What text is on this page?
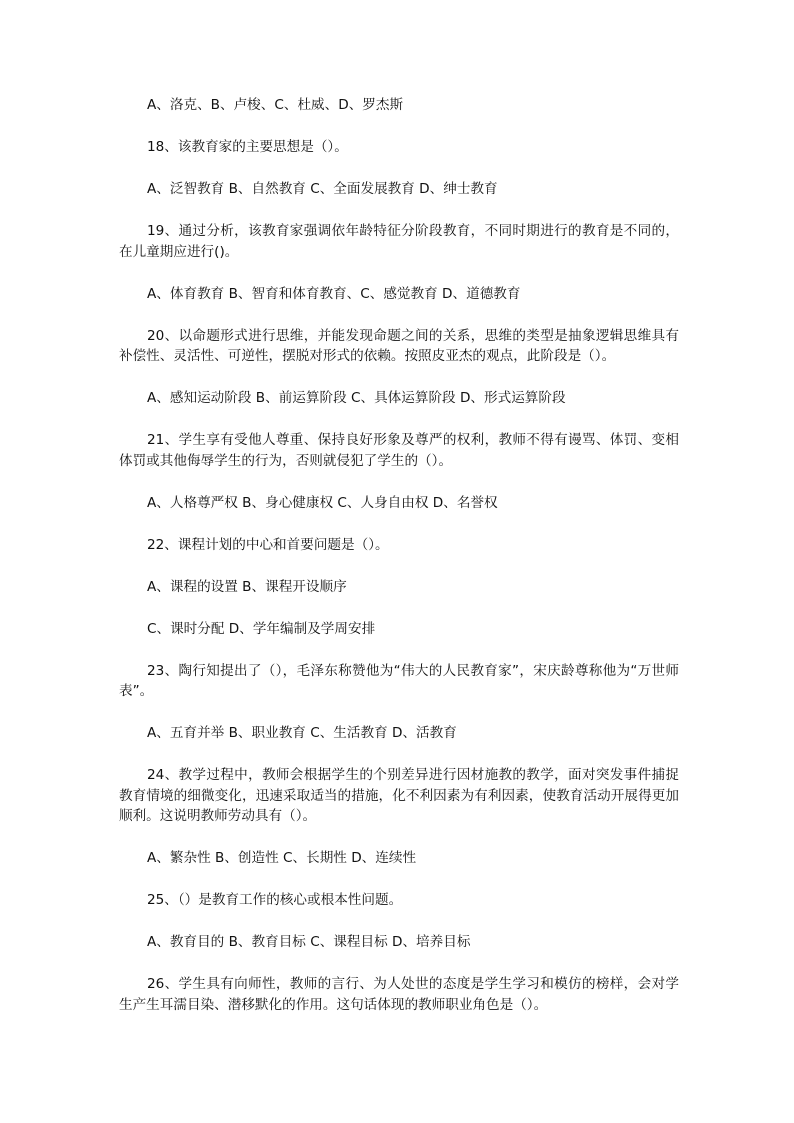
A、洛克、B、卢梭、C、杜威、D、罗杰斯

18、该教育家的主要思想是（）。

A、泛智教育 B、自然教育 C、全面发展教育 D、绅士教育

19、通过分析，该教育家强调依年龄特征分阶段教育，不同时期进行的教育是不同的，在儿童期应进行()。

A、体育教育 B、智育和体育教育、C、感觉教育 D、道德教育

20、以命题形式进行思维，并能发现命题之间的关系，思维的类型是抽象逻辑思维具有补偿性、灵活性、可逆性，摆脱对形式的依赖。按照皮亚杰的观点，此阶段是（）。

A、感知运动阶段 B、前运算阶段 C、具体运算阶段 D、形式运算阶段

21、学生享有受他人尊重、保持良好形象及尊严的权利，教师不得有谩骂、体罚、变相体罚或其他侮辱学生的行为，否则就侵犯了学生的（）。

A、人格尊严权 B、身心健康权 C、人身自由权 D、名誉权

22、课程计划的中心和首要问题是（）。

A、课程的设置 B、课程开设顺序

C、课时分配 D、学年编制及学周安排

23、陶行知提出了（），毛泽东称赞他为“伟大的人民教育家”，宋庆龄尊称他为“万世师表”。

A、五育并举 B、职业教育 C、生活教育 D、活教育

24、教学过程中，教师会根据学生的个别差异进行因材施教的教学，面对突发事件捕捉教育情境的细微变化，迅速采取适当的措施，化不利因素为有利因素，使教育活动开展得更加顺利。这说明教师劳动具有（）。

A、繁杂性 B、创造性 C、长期性 D、连续性

25、（）是教育工作的核心或根本性问题。

A、教育目的 B、教育目标 C、课程目标 D、培养目标

26、学生具有向师性，教师的言行、为人处世的态度是学生学习和模仿的榜样，会对学生产生耳濡目染、潜移默化的作用。这句话体现的教师职业角色是（）。
